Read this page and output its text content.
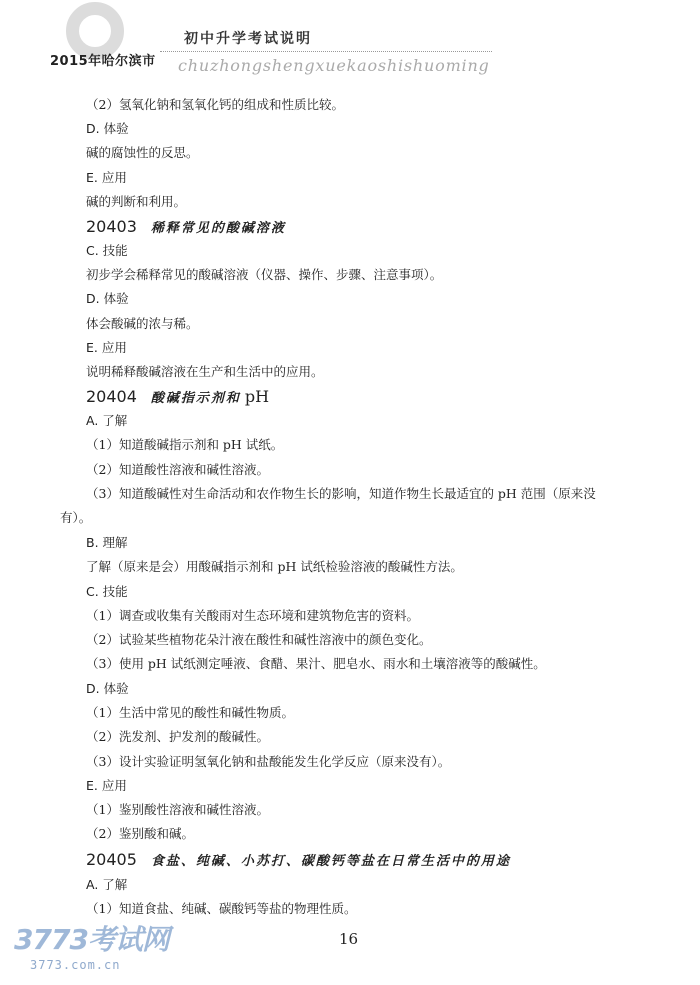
2015年哈尔滨市
初中升学考试说明
chuzhongshengxuekaoshishuoming
（2）氢氧化钠和氢氧化钙的组成和性质比较。
D. 体验
碱的腐蚀性的反思。
E. 应用
碱的判断和利用。
20403 稀释常见的酸碱溶液
C. 技能
初步学会稀释常见的酸碱溶液（仪器、操作、步骤、注意事项）。
D. 体验
体会酸碱的浓与稀。
E. 应用
说明稀释酸碱溶液在生产和生活中的应用。
20404 酸碱指示剂和 pH
A. 了解
（1）知道酸碱指示剂和 pH 试纸。
（2）知道酸性溶液和碱性溶液。
（3）知道酸碱性对生命活动和农作物生长的影响，知道作物生长最适宜的 pH 范围（原来没
有）。
B. 理解
了解（原来是会）用酸碱指示剂和 pH 试纸检验溶液的酸碱性方法。
C. 技能
（1）调查或收集有关酸雨对生态环境和建筑物危害的资料。
（2）试验某些植物花朵汁液在酸性和碱性溶液中的颜色变化。
（3）使用 pH 试纸测定唾液、食醋、果汁、肥皂水、雨水和土壤溶液等的酸碱性。
D. 体验
（1）生活中常见的酸性和碱性物质。
（2）洗发剂、护发剂的酸碱性。
（3）设计实验证明氢氧化钠和盐酸能发生化学反应（原来没有）。
E. 应用
（1）鉴别酸性溶液和碱性溶液。
（2）鉴别酸和碱。
20405 食盐、纯碱、小苏打、碳酸钙等盐在日常生活中的用途
A. 了解
（1）知道食盐、纯碱、碳酸钙等盐的物理性质。
16
3773考试网
3773.com.cn
